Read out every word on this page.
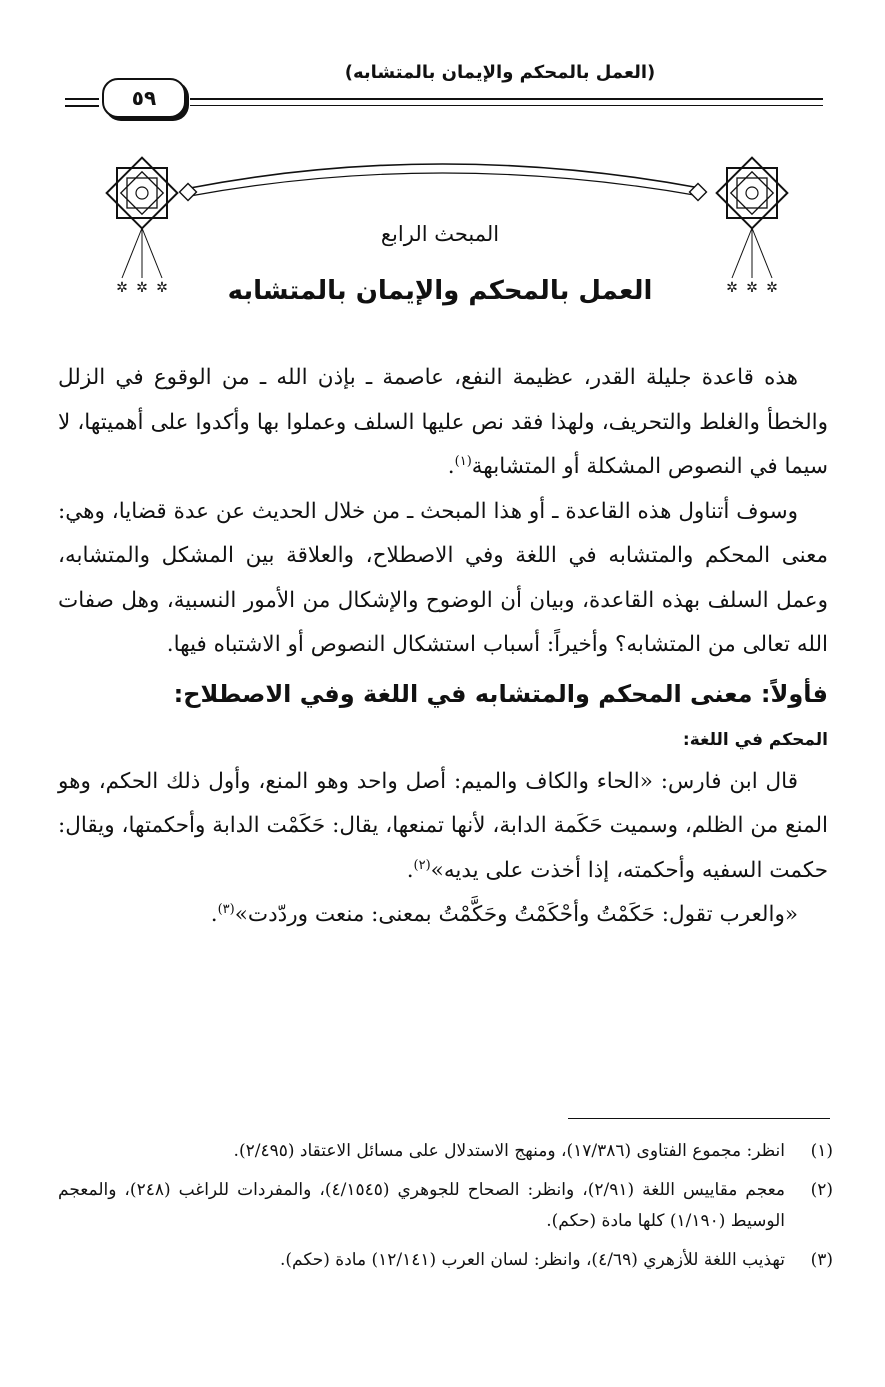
(العمل بالمحكم والإيمان بالمتشابه)
٥٩
✲ ✲ ✲	✲ ✲ ✲
المبحث الرابع
العمل بالمحكم والإيمان بالمتشابه

هذه قاعدة جليلة القدر، عظيمة النفع، عاصمة ـ بإذن الله ـ من الوقوع في الزلل والخطأ والغلط والتحريف، ولهذا فقد نص عليها السلف وعملوا بها وأكدوا على أهميتها، لا سيما في النصوص المشكلة أو المتشابهة$^{(١)}$.

وسوف أتناول هذه القاعدة ـ أو هذا المبحث ـ من خلال الحديث عن عدة قضايا، وهي: معنى المحكم والمتشابه في اللغة وفي الاصطلاح، والعلاقة بين المشكل والمتشابه، وعمل السلف بهذه القاعدة، وبيان أن الوضوح والإشكال من الأمور النسبية، وهل صفات الله تعالى من المتشابه؟ وأخيراً: أسباب استشكال النصوص أو الاشتباه فيها.

فأولاً: معنى المحكم والمتشابه في اللغة وفي الاصطلاح:

المحكم في اللغة:

قال ابن فارس: «الحاء والكاف والميم: أصل واحد وهو المنع، وأول ذلك الحكم، وهو المنع من الظلم، وسميت حَكَمة الدابة، لأنها تمنعها، يقال: حَكَمْت الدابة وأحكمتها، ويقال: حكمت السفيه وأحكمته، إذا أخذت على يديه»$^{(٢)}$.

«والعرب تقول: حَكَمْتُ وأحْكَمْتُ وحَكَّمْتُ بمعنى: منعت وردّدت»$^{(٣)}$.

(١)
انظر: مجموع الفتاوى (١٧/٣٨٦)، ومنهج الاستدلال على مسائل الاعتقاد (٢/٤٩٥).
(٢)
معجم مقاييس اللغة (٢/٩١)، وانظر: الصحاح للجوهري (٤/١٥٤٥)، والمفردات للراغب (٢٤٨)، والمعجم الوسيط (١/١٩٠) كلها مادة (حكم).
(٣)
تهذيب اللغة للأزهري (٤/٦٩)، وانظر: لسان العرب (١٢/١٤١) مادة (حكم).
